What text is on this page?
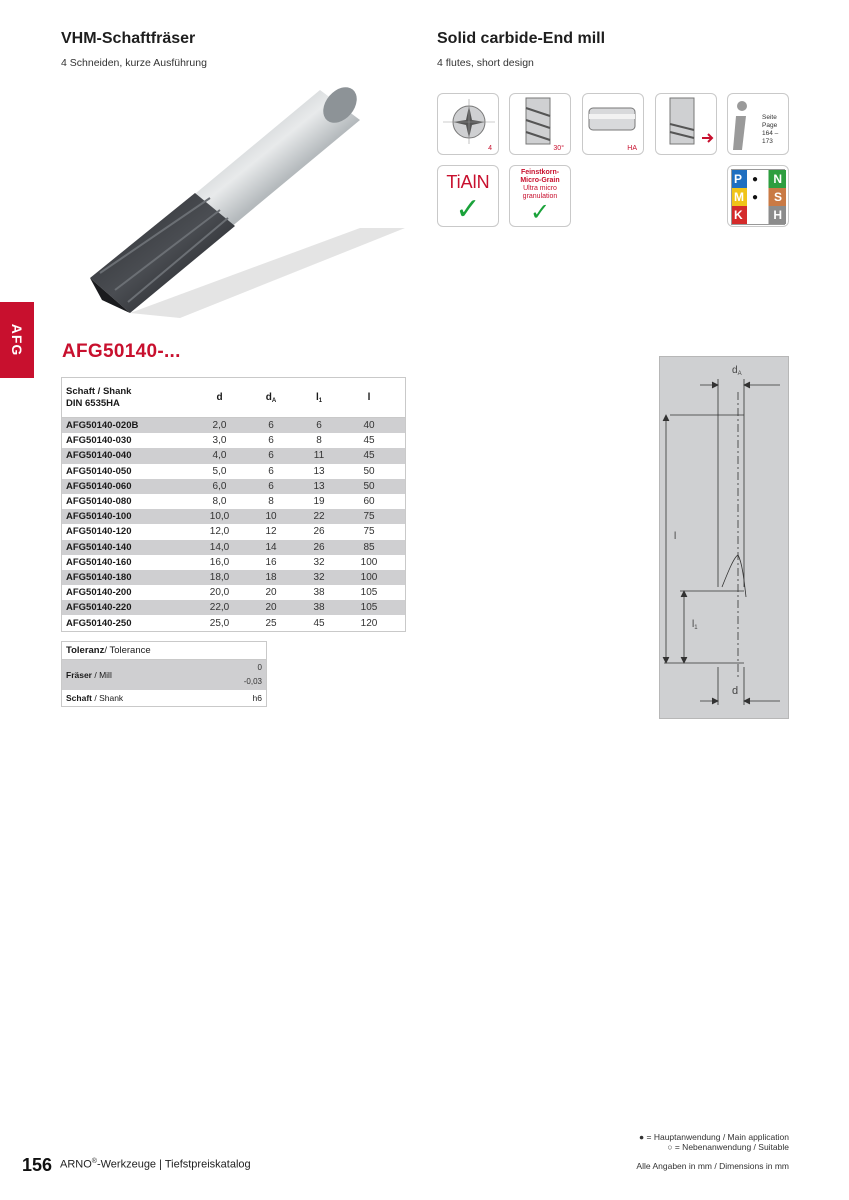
VHM-Schaftfräser
4 Schneiden, kurze Ausführung
Solid carbide-End mill
4 flutes, short design
AFG AFG50140-...
4	30°	HA
Seite Page
164 – 173
TiAlN
✓
Feinstkorn-
Micro-Grain
Ultra micro
granulation
✓
P ● N
M ● S
K	H
Schaft / Shank
DIN 6535HA	d	$d_A$	$l_1$	l
AFG50140-020B	2,0	6	6	40
AFG50140-030	3,0	6	8	45
AFG50140-040	4,0	6	11	45
AFG50140-050	5,0	6	13	50
AFG50140-060	6,0	6	13	50
AFG50140-080	8,0	8	19	60
AFG50140-100	10,0	10	22	75
AFG50140-120	12,0	12	26	75
AFG50140-140	14,0	14	26	85
AFG50140-160	16,0	16	32	100
AFG50140-180	18,0	18	32	100
AFG50140-200	20,0	20	38	105
AFG50140-220	22,0	20	38	105
AFG50140-250	25,0	25	45	120
Toleranz / Tolerance
Fräser / Mill
0
-0,03
Schaft / Shank	h6
$d_A$
l
$l_1$
d
● = Hauptanwendung / Main application
○ = Nebenanwendung / Suitable
Alle Angaben in mm / Dimensions in mm
156 ARNO®-Werkzeuge | Tiefstpreiskatalog
